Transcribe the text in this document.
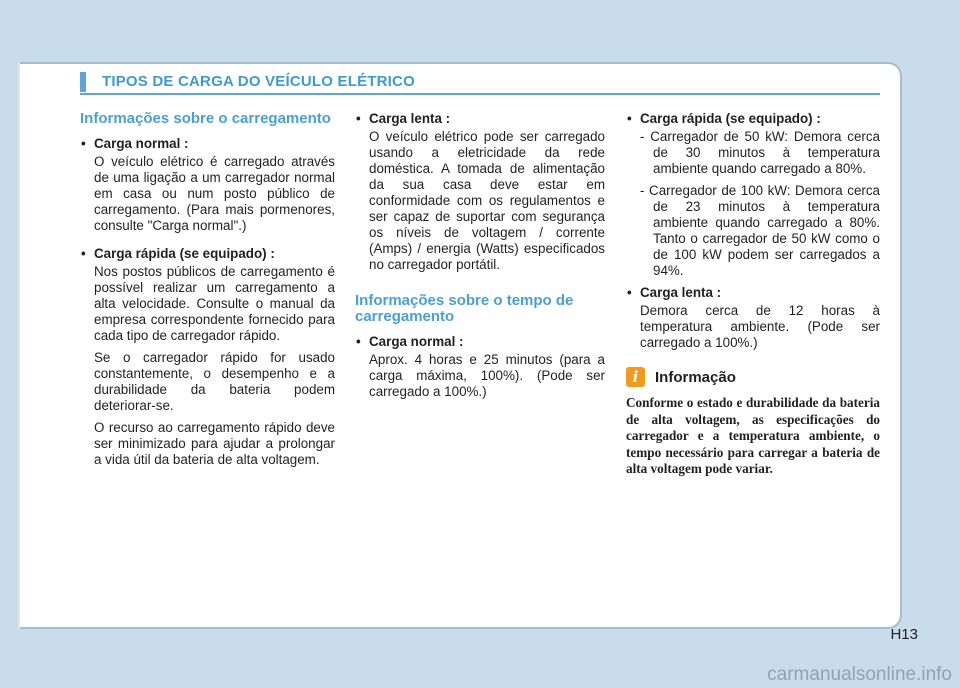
TIPOS DE CARGA DO VEÍCULO ELÉTRICO
Informações sobre o carregamento
• Carga normal :

O veículo elétrico é carregado através de uma ligação a um carregador normal em casa ou num posto público de carregamento. (Para mais pormenores, consulte "Carga normal".)

• Carga rápida (se equipado) :

Nos postos públicos de carregamento é possível realizar um carregamento a alta velocidade. Consulte o manual da empresa correspondente fornecido para cada tipo de carregador rápido.

Se o carregador rápido for usado constantemente, o desempenho e a durabilidade da bateria podem deteriorar-se.

O recurso ao carregamento rápido deve ser minimizado para ajudar a prolongar a vida útil da bateria de alta voltagem.

• Carga lenta :

O veículo elétrico pode ser carregado usando a eletricidade da rede doméstica. A tomada de alimentação da sua casa deve estar em conformidade com os regulamentos e ser capaz de suportar com segurança os níveis de voltagem / corrente (Amps) / energia (Watts) especificados no carregador portátil.

Informações sobre o tempo de carregamento
• Carga normal :

Aprox. 4 horas e 25 minutos (para a carga máxima, 100%). (Pode ser carregado a 100%.)

• Carga rápida (se equipado) :

- Carregador de 50 kW: Demora cerca de 30 minutos à temperatura ambiente quando carregado a 80%.

- Carregador de 100 kW: Demora cerca de 23 minutos à temperatura ambiente quando carregado a 80%. Tanto o carregador de 50 kW como o de 100 kW podem ser carregados a 94%.

• Carga lenta :

Demora cerca de 12 horas à temperatura ambiente. (Pode ser carregado a 100%.)

i	Informação

Conforme o estado e durabilidade da bateria de alta voltagem, as especificações do carregador e a temperatura ambiente, o tempo necessário para carregar a bateria de alta voltagem pode variar.

H13
carmanualsonline.info
